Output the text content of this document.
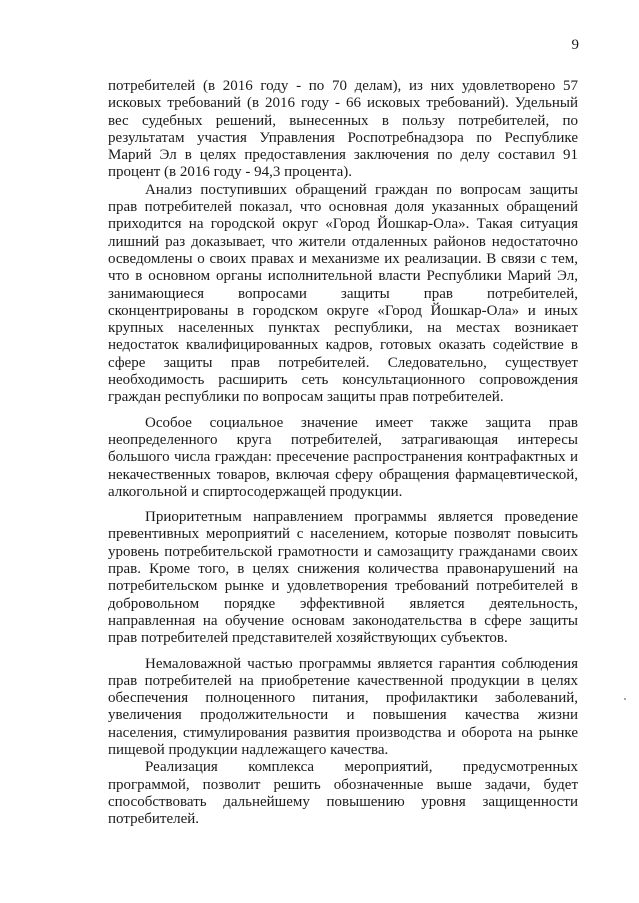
9

потребителей (в 2016 году - по 70 делам), из них удовлетворено 57 исковых требований (в 2016 году - 66 исковых требований). Удельный вес судебных решений, вынесенных в пользу потребителей, по результатам участия Управления Роспотребнадзора по Республике Марий Эл в целях предоставления заключения по делу составил 91 процент (в 2016 году - 94,3 процента).

Анализ поступивших обращений граждан по вопросам защиты прав потребителей показал, что основная доля указанных обращений приходится на городской округ «Город Йошкар-Ола». Такая ситуация лишний раз доказывает, что жители отдаленных районов недостаточно осведомлены о своих правах и механизме их реализации. В связи с тем, что в основном органы исполнительной власти Республики Марий Эл, занимающиеся вопросами защиты прав потребителей, сконцентрированы в городском округе «Город Йошкар-Ола» и иных крупных населенных пунктах республики, на местах возникает недостаток квалифицированных кадров, готовых оказать содействие в сфере защиты прав потребителей. Следовательно, существует необходимость расширить сеть консультационного сопровождения граждан республики по вопросам защиты прав потребителей.

Особое социальное значение имеет также защита прав неопределенного круга потребителей, затрагивающая интересы большого числа граждан: пресечение распространения контрафактных и некачественных товаров, включая сферу обращения фармацевтической, алкогольной и спиртосодержащей продукции.

Приоритетным направлением программы является проведение превентивных мероприятий с населением, которые позволят повысить уровень потребительской грамотности и самозащиту гражданами своих прав. Кроме того, в целях снижения количества правонарушений на потребительском рынке и удовлетворения требований потребителей в добровольном порядке эффективной является деятельность, направленная на обучение основам законодательства в сфере защиты прав потребителей представителей хозяйствующих субъектов.

Немаловажной частью программы является гарантия соблюдения прав потребителей на приобретение качественной продукции в целях обеспечения полноценного питания, профилактики заболеваний, увеличения продолжительности и повышения качества жизни населения, стимулирования развития производства и оборота на рынке пищевой продукции надлежащего качества.

Реализация комплекса мероприятий, предусмотренных программой, позволит решить обозначенные выше задачи, будет способствовать дальнейшему повышению уровня защищенности потребителей.
